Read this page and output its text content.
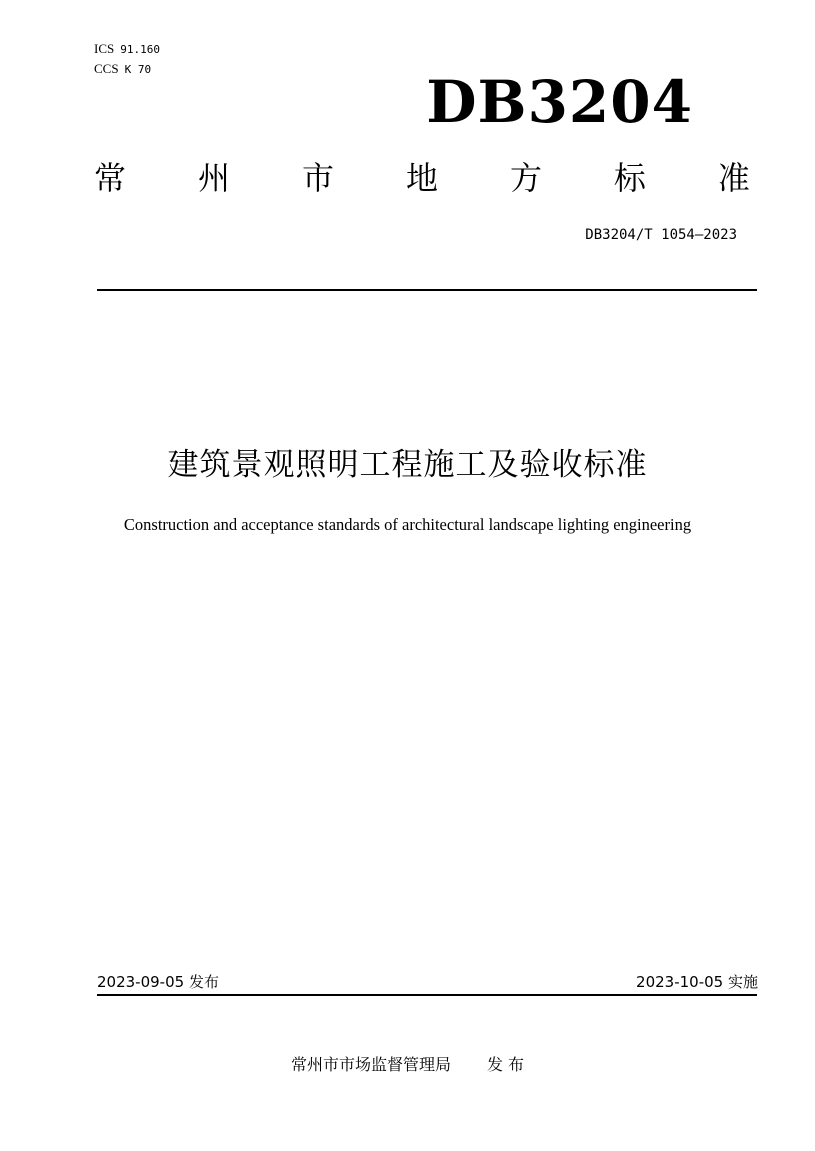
ICS 91.160
CCS K 70	DB3204
常 州 市 地 方 标 准
DB3204/T 1054—2023
建筑景观照明工程施工及验收标准
Construction and acceptance standards of architectural landscape lighting engineering
2023-09-05 发布	2023-10-05 实施
常州市市场监督管理局 发 布
